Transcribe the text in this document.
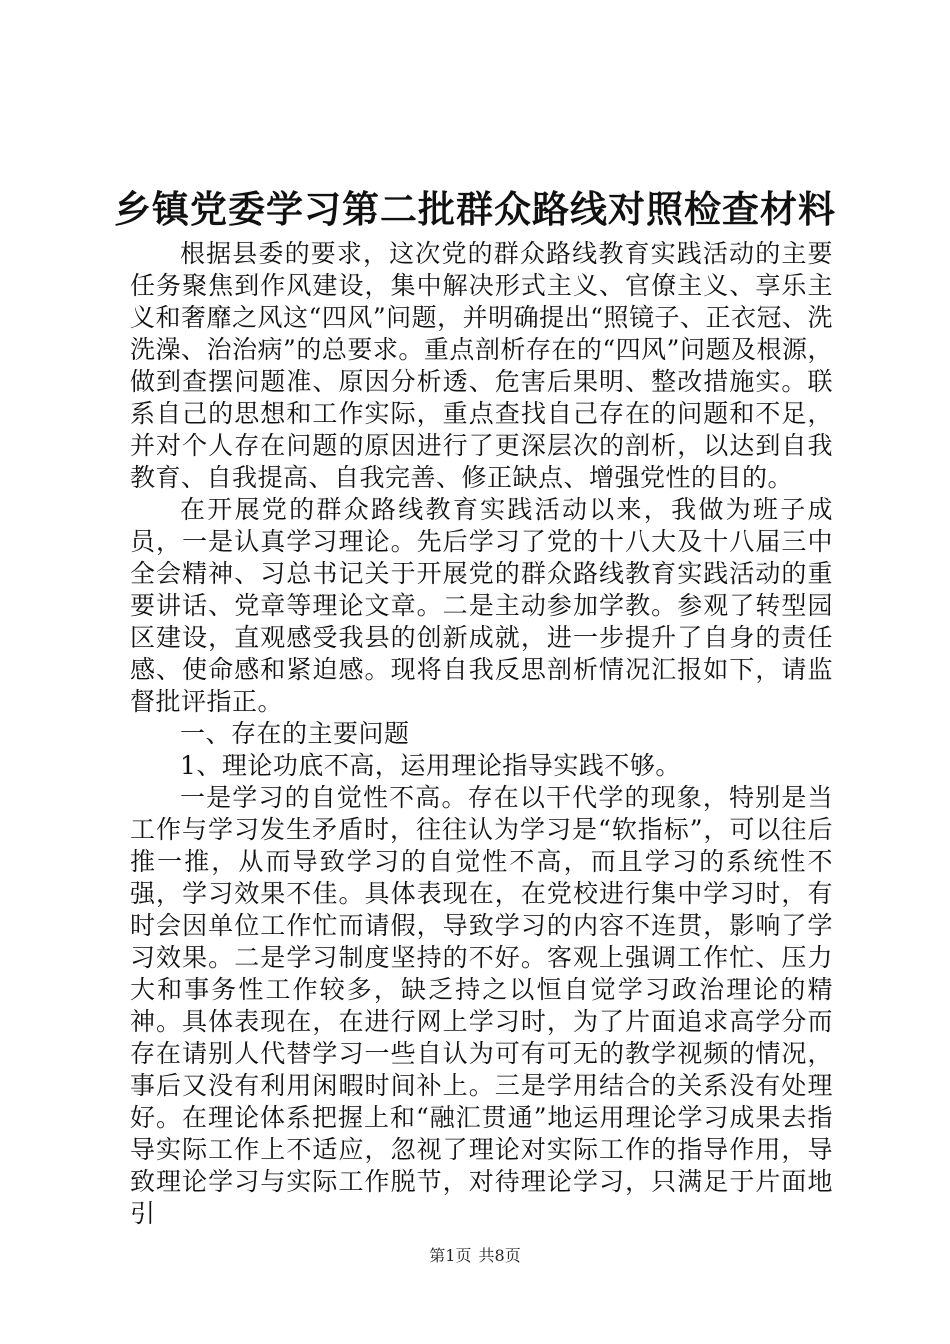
乡镇党委学习第二批群众路线对照检查材料

根据县委的要求，这次党的群众路线教育实践活动的主要任务聚焦到作风建设，集中解决形式主义、官僚主义、享乐主义和奢靡之风这“四风”问题，并明确提出“照镜子、正衣冠、洗洗澡、治治病”的总要求。重点剖析存在的“四风”问题及根源，做到查摆问题准、原因分析透、危害后果明、整改措施实。联系自己的思想和工作实际，重点查找自己存在的问题和不足，并对个人存在问题的原因进行了更深层次的剖析，以达到自我教育、自我提高、自我完善、修正缺点、增强党性的目的。

在开展党的群众路线教育实践活动以来，我做为班子成员，一是认真学习理论。先后学习了党的十八大及十八届三中全会精神、习总书记关于开展党的群众路线教育实践活动的重要讲话、党章等理论文章。二是主动参加学教。参观了转型园区建设，直观感受我县的创新成就，进一步提升了自身的责任感、使命感和紧迫感。现将自我反思剖析情况汇报如下，请监督批评指正。

一、存在的主要问题

1、理论功底不高，运用理论指导实践不够。

一是学习的自觉性不高。存在以干代学的现象，特别是当工作与学习发生矛盾时，往往认为学习是“软指标”，可以往后推一推，从而导致学习的自觉性不高，而且学习的系统性不强，学习效果不佳。具体表现在，在党校进行集中学习时，有时会因单位工作忙而请假，导致学习的内容不连贯，影响了学习效果。二是学习制度坚持的不好。客观上强调工作忙、压力大和事务性工作较多，缺乏持之以恒自觉学习政治理论的精神。具体表现在，在进行网上学习时，为了片面追求高学分而存在请别人代替学习一些自认为可有可无的教学视频的情况，事后又没有利用闲暇时间补上。三是学用结合的关系没有处理好。在理论体系把握上和“融汇贯通”地运用理论学习成果去指导实际工作上不适应，忽视了理论对实际工作的指导作用，导致理论学习与实际工作脱节，对待理论学习，只满足于片面地引

第1页 共8页
